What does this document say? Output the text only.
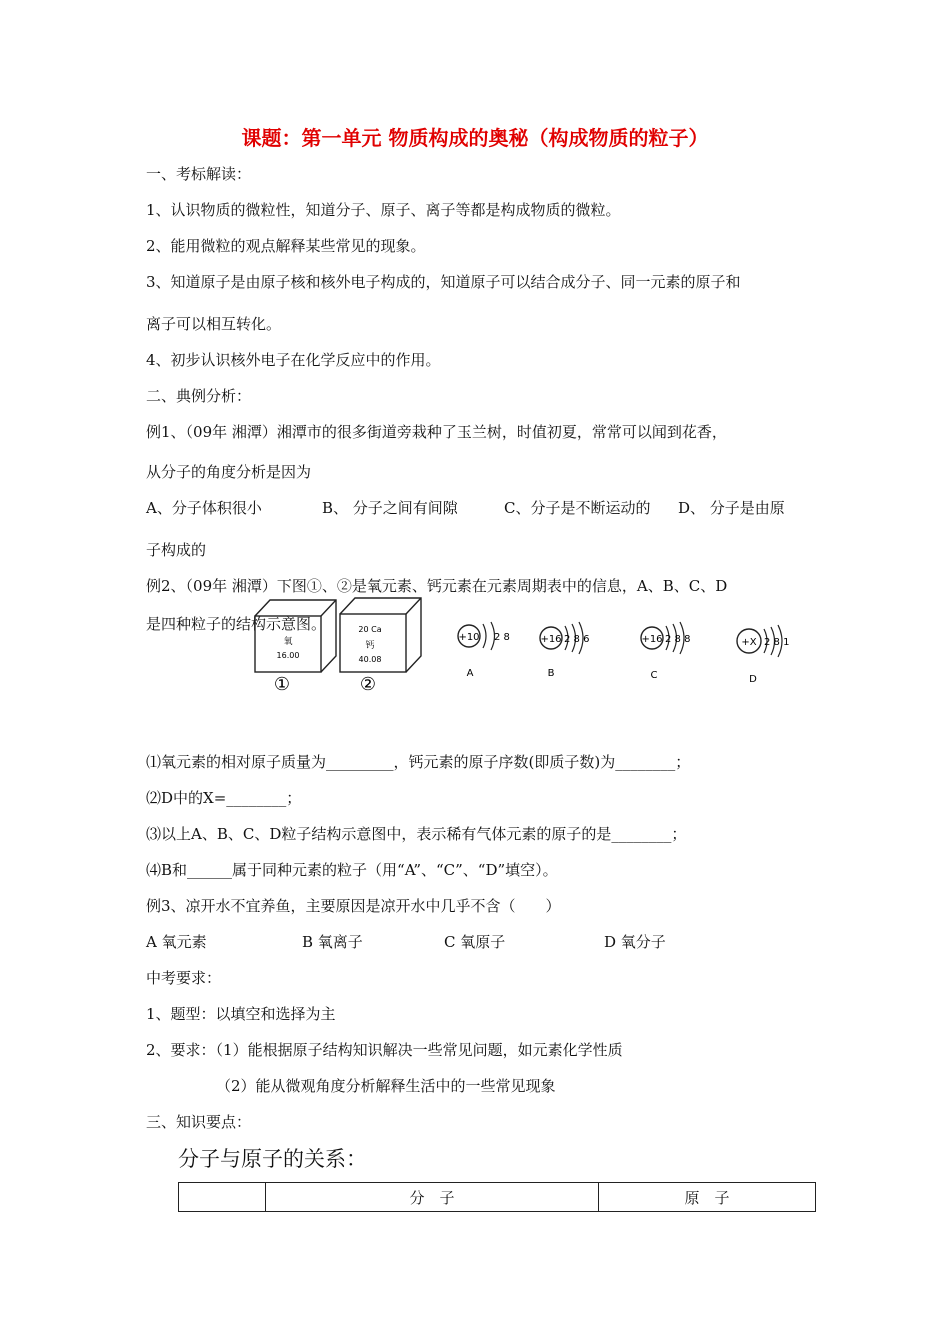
课题：第一单元 物质构成的奥秘（构成物质的粒子）
一、考标解读：
1、认识物质的微粒性，知道分子、原子、离子等都是构成物质的微粒。
2、能用微粒的观点解释某些常见的现象。
3、知道原子是由原子核和核外电子构成的，知道原子可以结合成分子、同一元素的原子和
离子可以相互转化。
4、初步认识核外电子在化学反应中的作用。
二、典例分析：
例1、（09年 湘潭）湘潭市的很多街道旁栽种了玉兰树，时值初夏，常常可以闻到花香，
从分子的角度分析是因为
A、分子体积很小	B、 分子之间有间隙	C、分子是不断运动的 D、 分子是由原
子构成的
例2、（09年 湘潭）下图①、②是氧元素、钙元素在元素周期表中的信息，A、B、C、D
是四种粒子的结构示意图。
氧
16.00
①
20 Ca
钙
40.08
②
+10 2 8
A
+16 2 8 6
B
+16 2 8 8
C
+X 2 8 1
D
⑴氧元素的相对原子质量为_________，钙元素的原子序数(即质子数)为________；
⑵D中的X=________；
⑶以上A、B、C、D粒子结构示意图中，表示稀有气体元素的原子的是________；
⑷B和______属于同种元素的粒子（用“A”、“C”、“D”填空）。
例3、凉开水不宜养鱼，主要原因是凉开水中几乎不含（　　）
A 氧元素	B 氧离子	C 氧原子	D 氧分子
中考要求：
1、题型：以填空和选择为主
2、要求：（1）能根据原子结构知识解决一些常见问题，如元素化学性质
（2）能从微观角度分析解释生活中的一些常见现象
三、知识要点：
分子与原子的关系：
	分　子	原　子
